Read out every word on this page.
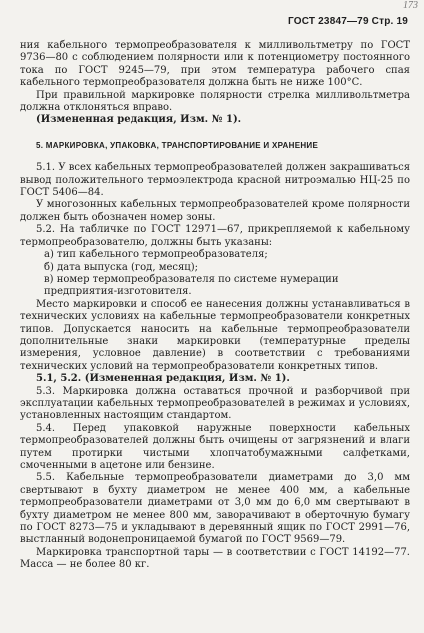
173
ГОСТ 23847—79 Стр. 19

ния кабельного термопреобразователя к милливольтметру по ГОСТ 9736—80 с соблюдением полярности или к потенциометру постоянного тока по ГОСТ 9245—79, при этом температура рабочего спая кабельного термопреобразователя должна быть не ниже 100°С.

При правильной маркировке полярности стрелка милливольтметра должна отклоняться вправо.

(Измененная редакция, Изм. № 1).

5. МАРКИРОВКА, УПАКОВКА, ТРАНСПОРТИРОВАНИЕ И ХРАНЕНИЕ

5.1. У всех кабельных термопреобразователей должен закрашиваться вывод положительного термоэлектрода красной нитроэмалью НЦ-25 по ГОСТ 5406—84.

У многозонных кабельных термопреобразователей кроме полярности должен быть обозначен номер зоны.

5.2. На табличке по ГОСТ 12971—67, прикрепляемой к кабельному термопреобразователю, должны быть указаны:

а) тип кабельного термопреобразователя;

б) дата выпуска (год, месяц);

в) номер термопреобразователя по системе нумерации предприятия-изготовителя.

Место маркировки и способ ее нанесения должны устанавливаться в технических условиях на кабельные термопреобразователи конкретных типов. Допускается наносить на кабельные термопреобразователи дополнительные знаки маркировки (температурные пределы измерения, условное давление) в соответствии с требованиями технических условий на термопреобразователи конкретных типов.

5.1, 5.2. (Измененная редакция, Изм. № 1).

5.3. Маркировка должна оставаться прочной и разборчивой при эксплуатации кабельных термопреобразователей в режимах и условиях, установленных настоящим стандартом.

5.4. Перед упаковкой наружные поверхности кабельных термопреобразователей должны быть очищены от загрязнений и влаги путем протирки чистыми хлопчатобумажными салфетками, смоченными в ацетоне или бензине.

5.5. Кабельные термопреобразователи диаметрами до 3,0 мм свертывают в бухту диаметром не менее 400 мм, а кабельные термопреобразователи диаметрами от 3,0 мм до 6,0 мм свертывают в бухту диаметром не менее 800 мм, заворачивают в оберточную бумагу по ГОСТ 8273—75 и укладывают в деревянный ящик по ГОСТ 2991—76, выстланный водонепроницаемой бумагой по ГОСТ 9569—79.

Маркировка транспортной тары — в соответствии с ГОСТ 14192—77. Масса — не более 80 кг.
